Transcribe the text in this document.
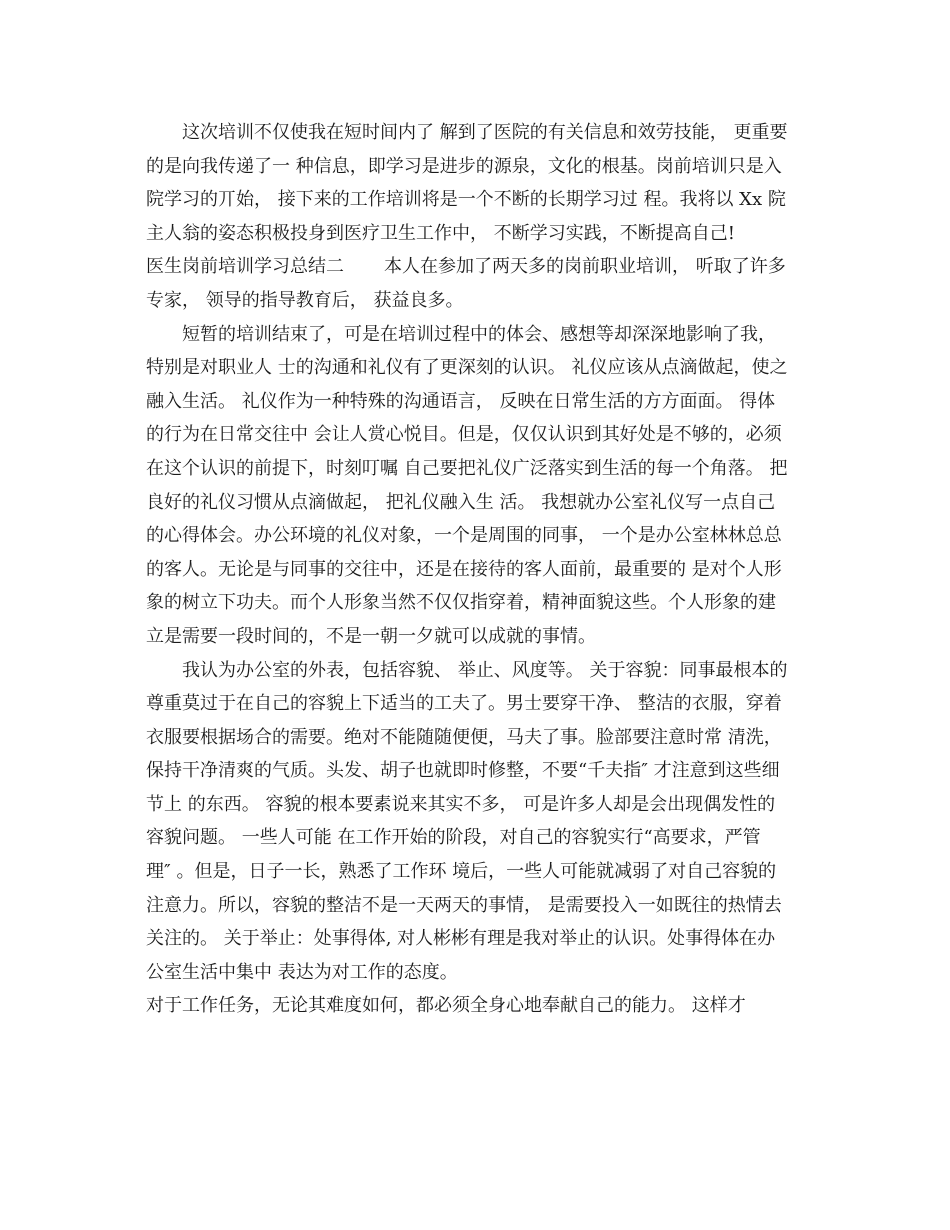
这次培训不仅使我在短时间内了 解到了医院的有关信息和效劳技能， 更重要
的是向我传递了一 种信息，即学习是进步的源泉，文化的根基。岗前培训只是入
院学习的丌始， 接下来的工作培训将是一个不断的长期学习过 程。我将以 Xx 院
主人翁的姿态积极投身到医疗卫生工作中， 不断学习实践，不断提高自己!
医生岗前培训学习总结二 本人在参加了两天多的岗前职业培训， 听取了许多
专家， 领导的指导教育后， 获益良多。
短暂的培训结束了，可是在培训过程中的体会、感想等却深深地影响了我，
特别是对职业人 士的沟通和礼仪有了更深刻的认识。 礼仪应该从点滴做起，使之
融入生活。 礼仪作为一种特殊的沟通语言， 反映在日常生活的方方面面。 得体
的行为在日常交往中 会让人赏心悦目。但是，仅仅认识到其好处是不够的，必须
在这个认识的前提下，时刻叮嘱 自己要把礼仪广泛落实到生活的每一个角落。 把
良好的礼仪习惯从点滴做起， 把礼仪融入生 活。 我想就办公室礼仪写一点自己
的心得体会。办公环境的礼仪对象，一个是周围的同事， 一个是办公室林林总总
的客人。无论是与同事的交往中，还是在接待的客人面前，最重要的 是对个人形
象的树立下功夫。而个人形象当然不仅仅指穿着，精神面貌这些。个人形象的建
立是需要一段时间的，不是一朝一夕就可以成就的事情。
我认为办公室的外表，包括容貌、 举止、风度等。 关于容貌：同事最根本的
尊重莫过于在自己的容貌上下适当的工夫了。男士要穿干净、 整洁的衣服，穿着
衣服要根据场合的需要。绝对不能随随便便，马夫了事。脸部要注意时常 清洗，
保持干净清爽的气质。头发、胡子也就即时修整，不要“千夫指″ 才注意到这些细
节上 的东西。 容貌的根本要素说来其实不多， 可是许多人却是会出现偶发性的
容貌问题。 一些人可能 在工作开始的阶段，对自己的容貌实行“高要求，严管
理″ 。但是，日子一长，熟悉了工作环 境后，一些人可能就减弱了对自己容貌的
注意力。所以，容貌的整洁不是一天两天的事情， 是需要投入一如既往的热情去
关注的。 关于举止：处事得体, 对人彬彬有理是我对举止的认识。处事得体在办
公室生活中集中 表达为对工作的态度。
对于工作任务，无论其难度如何，都必须全身心地奉献自己的能力。 这样才
